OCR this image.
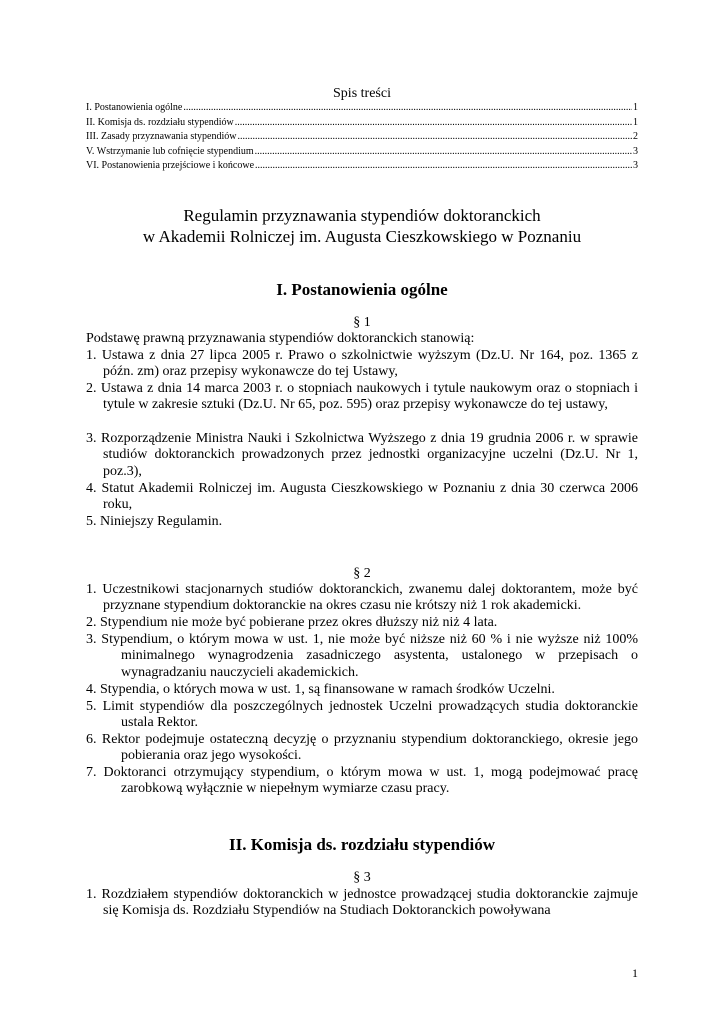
Spis treści
I. Postanowienia ogólne .....	1
II. Komisja ds. rozdziału stypendiów .....	1
III. Zasady przyznawania stypendiów .....	2
V. Wstrzymanie lub cofnięcie stypendium .....	3
VI. Postanowienia przejściowe i końcowe .....	3
Regulamin przyznawania stypendiów doktoranckich
w Akademii Rolniczej im. Augusta Cieszkowskiego w Poznaniu
I. Postanowienia ogólne
§ 1
Podstawę prawną przyznawania stypendiów doktoranckich stanowią:
1. Ustawa z dnia 27 lipca 2005 r. Prawo o szkolnictwie wyższym (Dz.U. Nr 164, poz. 1365 z późn. zm) oraz przepisy wykonawcze do tej Ustawy,
2. Ustawa z dnia 14 marca 2003 r. o stopniach naukowych i tytule naukowym oraz o stopniach i tytule w zakresie sztuki (Dz.U. Nr 65, poz. 595) oraz przepisy wykonawcze do tej ustawy,
3. Rozporządzenie Ministra Nauki i Szkolnictwa Wyższego z dnia 19 grudnia 2006 r. w sprawie studiów doktoranckich prowadzonych przez jednostki organizacyjne uczelni (Dz.U. Nr 1, poz.3),
4. Statut Akademii Rolniczej im. Augusta Cieszkowskiego w Poznaniu z dnia 30 czerwca 2006 roku,
5. Niniejszy Regulamin.
§ 2
1. Uczestnikowi stacjonarnych studiów doktoranckich, zwanemu dalej doktorantem, może być przyznane stypendium doktoranckie na okres czasu nie krótszy niż 1 rok akademicki.
2. Stypendium nie może być pobierane przez okres dłuższy niż niż 4 lata.
3. Stypendium, o którym mowa w ust. 1, nie może być niższe niż 60 % i nie wyższe niż 100% minimalnego wynagrodzenia zasadniczego asystenta, ustalonego w przepisach o wynagradzaniu nauczycieli akademickich.
4. Stypendia, o których mowa w ust. 1, są finansowane w ramach środków Uczelni.
5. Limit stypendiów dla poszczególnych jednostek Uczelni prowadzących studia doktoranckie ustala Rektor.
6. Rektor podejmuje ostateczną decyzję o przyznaniu stypendium doktoranckiego, okresie jego pobierania oraz jego wysokości.
7. Doktoranci otrzymujący stypendium, o którym mowa w ust. 1, mogą podejmować pracę zarobkową wyłącznie w niepełnym wymiarze czasu pracy.
II. Komisja ds. rozdziału stypendiów
§ 3
1. Rozdziałem stypendiów doktoranckich w jednostce prowadzącej studia doktoranckie zajmuje się Komisja ds. Rozdziału Stypendiów na Studiach Doktoranckich powoływana
1
